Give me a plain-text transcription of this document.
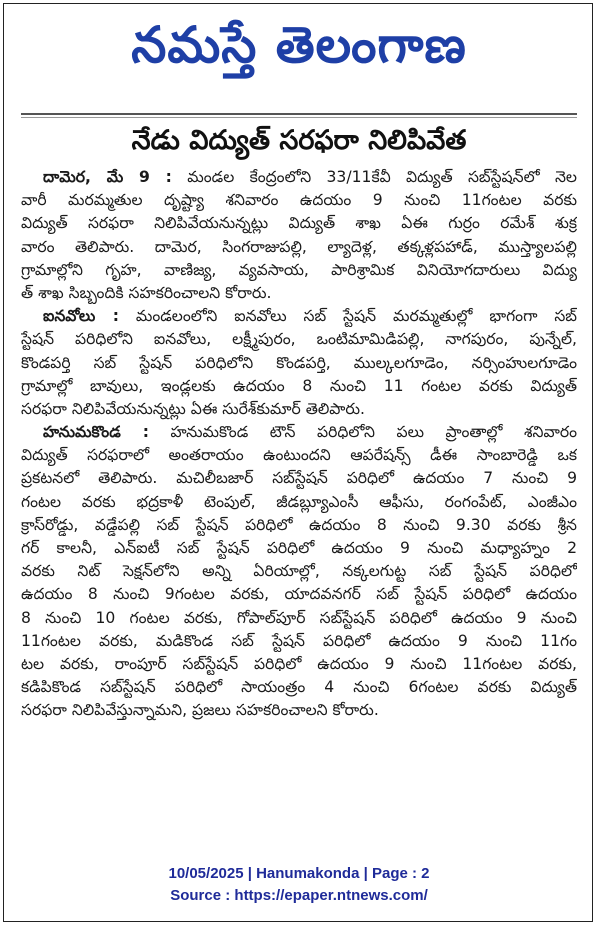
నమస్తే తెలంగాణ
నేడు విద్యుత్ సరఫరా నిలిపివేత
దామెర, మే 9 : మండల కేంద్రంలోని 33/11కేవీ విద్యుత్ సబ్‌స్టేషన్‌లో నెల
వారీ మరమ్మతుల దృష్ట్యా శనివారం ఉదయం 9 నుంచి 11గంటల వరకు
విద్యుత్ సరఫరా నిలిపివేయనున్నట్లు విద్యుత్ శాఖ ఏఈ గుర్రం రమేశ్ శుక్ర
వారం తెలిపారు. దామెర, సింగరాజుపల్లి, ల్యాదెళ్ల, తక్కళ్లపహాడ్, ముస్త్యాలపల్లి
గ్రామాల్లోని గృహ, వాణిజ్య, వ్యవసాయ, పారిశ్రామిక వినియోగదారులు విద్యు
త్ శాఖ సిబ్బందికి సహకరించాలని కోరారు.
ఐనవోలు : మండలంలోని ఐనవోలు సబ్ స్టేషన్ మరమ్మతుల్లో భాగంగా సబ్
స్టేషన్ పరిధిలోని ఐనవోలు, లక్ష్మీపురం, ఒంటిమామిడిపల్లి, నాగపురం, పున్నేల్,
కొండపర్తి సబ్ స్టేషన్ పరిధిలోని కొండపర్తి, ముల్కలగూడెం, నర్సింహులగూడెం
గ్రామాల్లో బావులు, ఇండ్లలకు ఉదయం 8 నుంచి 11 గంటల వరకు విద్యుత్
సరఫరా నిలిపివేయనున్నట్లు ఏఈ సురేశ్‌కుమార్ తెలిపారు.
హనుమకొండ : హనుమకొండ టౌన్ పరిధిలోని పలు ప్రాంతాల్లో శనివారం
విద్యుత్ సరఫరాలో అంతరాయం ఉంటుందని ఆపరేషన్స్ డీఈ సాంబారెడ్డి ఒక
ప్రకటనలో తెలిపారు. మచిలీబజార్ సబ్‌స్టేషన్ పరిధిలో ఉదయం 7 నుంచి 9
గంటల వరకు భద్రకాళీ టెంపుల్, జీడబ్ల్యూఎంసీ ఆఫీసు, రంగంపేట్, ఎంజీఎం
క్రాస్‌రోడ్డు, వడ్డేపల్లి సబ్ స్టేషన్ పరిధిలో ఉదయం 8 నుంచి 9.30 వరకు శ్రీన
గర్ కాలనీ, ఎన్ఐటీ సబ్ స్టేషన్ పరిధిలో ఉదయం 9 నుంచి మధ్యాహ్నం 2
వరకు నిట్ సెక్షన్‌లోని అన్ని ఏరియాల్లో, నక్కలగుట్ట సబ్ స్టేషన్ పరిధిలో
ఉదయం 8 నుంచి 9గంటల వరకు, యాదవనగర్ సబ్ స్టేషన్ పరిధిలో ఉదయం
8 నుంచి 10 గంటల వరకు, గోపాల్‌పూర్ సబ్‌స్టేషన్ పరిధిలో ఉదయం 9 నుంచి
11గంటల వరకు, మడికొండ సబ్ స్టేషన్ పరిధిలో ఉదయం 9 నుంచి 11గం
టల వరకు, రాంపూర్ సబ్‌స్టేషన్ పరిధిలో ఉదయం 9 నుంచి 11గంటల వరకు,
కడిపికొండ సబ్‌స్టేషన్ పరిధిలో సాయంత్రం 4 నుంచి 6గంటల వరకు విద్యుత్
సరఫరా నిలిపివేస్తున్నామని, ప్రజలు సహకరించాలని కోరారు.
10/05/2025 | Hanumakonda | Page : 2
Source : https://epaper.ntnews.com/
